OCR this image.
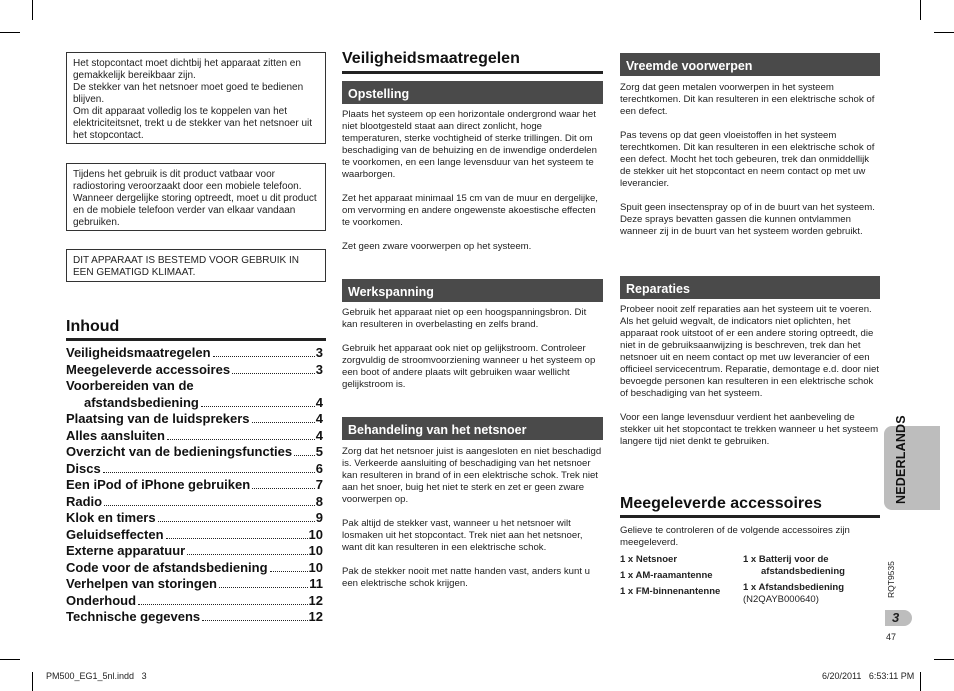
Het stopcontact moet dichtbij het apparaat zitten en gemakkelijk bereikbaar zijn.

De stekker van het netsnoer moet goed te bedienen blijven.

Om dit apparaat volledig los te koppelen van het elektriciteitsnet, trekt u de stekker van het netsnoer uit het stopcontact.

Tijdens het gebruik is dit product vatbaar voor radiostoring veroorzaakt door een mobiele telefoon. Wanneer dergelijke storing optreedt, moet u dit product en de mobiele telefoon verder van elkaar vandaan gebruiken.

DIT APPARAAT IS BESTEMD VOOR GEBRUIK IN EEN GEMATIGD KLIMAAT.

Inhoud
Veiligheidsmaatregelen	3
Meegeleverde accessoires	3
Voorbereiden van de
afstandsbediening	4
Plaatsing van de luidsprekers	4
Alles aansluiten	4
Overzicht van de bedieningsfuncties 5
Discs	6
Een iPod of iPhone gebruiken	7
Radio	8
Klok en timers	9
Geluidseffecten	10
Externe apparatuur	10
Code voor de afstandsbediening	10
Verhelpen van storingen	11
Onderhoud	12
Technische gegevens	12
Veiligheidsmaatregelen
Opstelling

Plaats het systeem op een horizontale ondergrond waar het niet blootgesteld staat aan direct zonlicht, hoge temperaturen, sterke vochtigheid of sterke trillingen. Dit om beschadiging van de behuizing en de inwendige onderdelen te voorkomen, en een lange levensduur van het systeem te waarborgen.

Zet het apparaat minimaal 15 cm van de muur en dergelijke, om vervorming en andere ongewenste akoestische effecten te voorkomen.

Zet geen zware voorwerpen op het systeem.

Werkspanning

Gebruik het apparaat niet op een hoogspanningsbron. Dit kan resulteren in overbelasting en zelfs brand.

Gebruik het apparaat ook niet op gelijkstroom. Controleer zorgvuldig de stroomvoorziening wanneer u het systeem op een boot of andere plaats wilt gebruiken waar wellicht gelijkstroom is.

Behandeling van het netsnoer

Zorg dat het netsnoer juist is aangesloten en niet beschadigd is. Verkeerde aansluiting of beschadiging van het netsnoer kan resulteren in brand of in een elektrische schok. Trek niet aan het snoer, buig het niet te sterk en zet er geen zware voorwerpen op.

Pak altijd de stekker vast, wanneer u het netsnoer wilt losmaken uit het stopcontact. Trek niet aan het netsnoer, want dit kan resulteren in een elektrische schok.

Pak de stekker nooit met natte handen vast, anders kunt u een elektrische schok krijgen.

Vreemde voorwerpen

Zorg dat geen metalen voorwerpen in het systeem terechtkomen. Dit kan resulteren in een elektrische schok of een defect.

Pas tevens op dat geen vloeistoffen in het systeem terechtkomen. Dit kan resulteren in een elektrische schok of een defect. Mocht het toch gebeuren, trek dan onmiddellijk de stekker uit het stopcontact en neem contact op met uw leverancier.

Spuit geen insectenspray op of in de buurt van het systeem. Deze sprays bevatten gassen die kunnen ontvlammen wanneer zij in de buurt van het systeem worden gebruikt.

Reparaties

Probeer nooit zelf reparaties aan het systeem uit te voeren. Als het geluid wegvalt, de indicators niet oplichten, het apparaat rook uitstoot of er een andere storing optreedt, die niet in de gebruiksaanwijzing is beschreven, trek dan het netsnoer uit en neem contact op met uw leverancier of een officieel servicecentrum. Reparatie, demontage e.d. door niet bevoegde personen kan resulteren in een elektrische schok of beschadiging van het systeem.

Voor een lange levensduur verdient het aanbeveling de stekker uit het stopcontact te trekken wanneer u het systeem langere tijd niet denkt te gebruiken.

Meegeleverde accessoires
Gelieve te controleren of de volgende accessoires zijn meegeleverd.
1 x Netsnoer
1 x AM-raamantenne
1 x FM-binnenantenne
1 x Batterij voor de
afstandsbediening
1 x Afstandsbediening
(N2QAYB000640)
NEDERLANDS
RQT9535
3
47
PM500_EG1_5nl.indd   3	6/20/2011   6:53:11 PM
